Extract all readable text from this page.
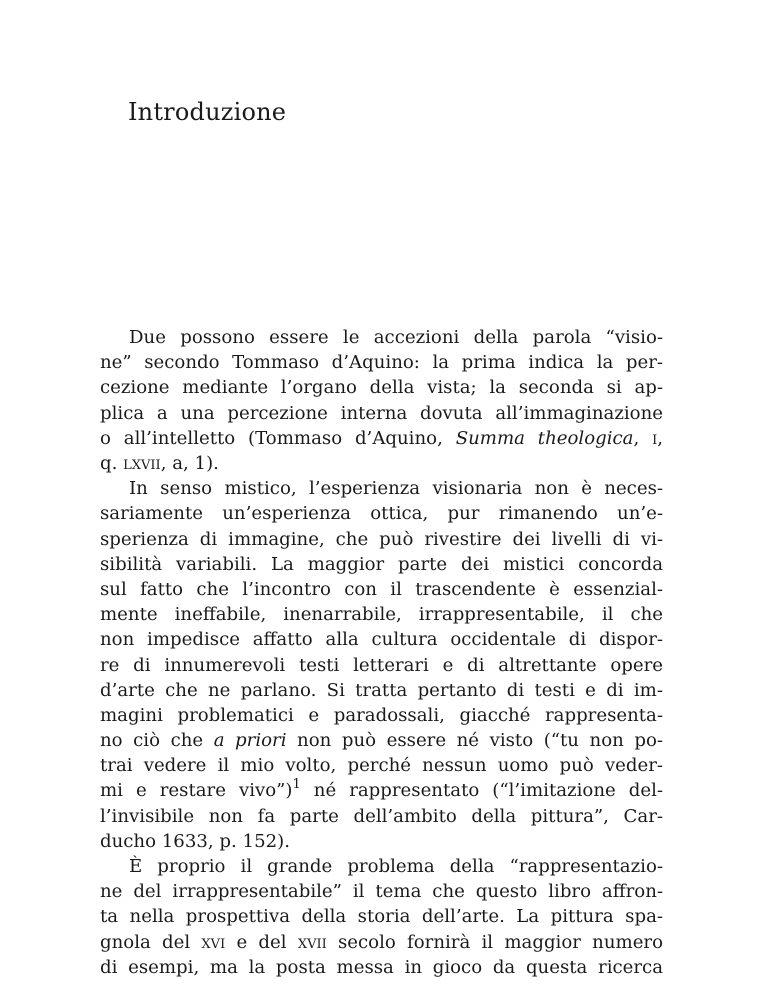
Introduzione
Due possono essere le accezioni della parola “visio-
ne” secondo Tommaso d’Aquino: la prima indica la per-
cezione mediante l’organo della vista; la seconda si ap-
plica a una percezione interna dovuta all’immaginazione
o all’intelletto (Tommaso d’Aquino, Summa theologica, i,
q. lxvii, a, 1).
In senso mistico, l’esperienza visionaria non è neces-
sariamente un’esperienza ottica, pur rimanendo un’e-
sperienza di immagine, che può rivestire dei livelli di vi-
sibilità variabili. La maggior parte dei mistici concorda
sul fatto che l’incontro con il trascendente è essenzial-
mente ineffabile, inenarrabile, irrappresentabile, il che
non impedisce affatto alla cultura occidentale di dispor-
re di innumerevoli testi letterari e di altrettante opere
d’arte che ne parlano. Si tratta pertanto di testi e di im-
magini problematici e paradossali, giacché rappresenta-
no ciò che a priori non può essere né visto (“tu non po-
trai vedere il mio volto, perché nessun uomo può veder-
mi e restare vivo”)$^1$ né rappresentato (“l’imitazione del-
l’invisibile non fa parte dell’ambito della pittura”, Car-
ducho 1633, p. 152).
È proprio il grande problema della “rappresentazio-
ne del irrappresentabile” il tema che questo libro affron-
ta nella prospettiva della storia dell’arte. La pittura spa-
gnola del xvi e del xvii secolo fornirà il maggior numero
di esempi, ma la posta messa in gioco da questa ricerca
